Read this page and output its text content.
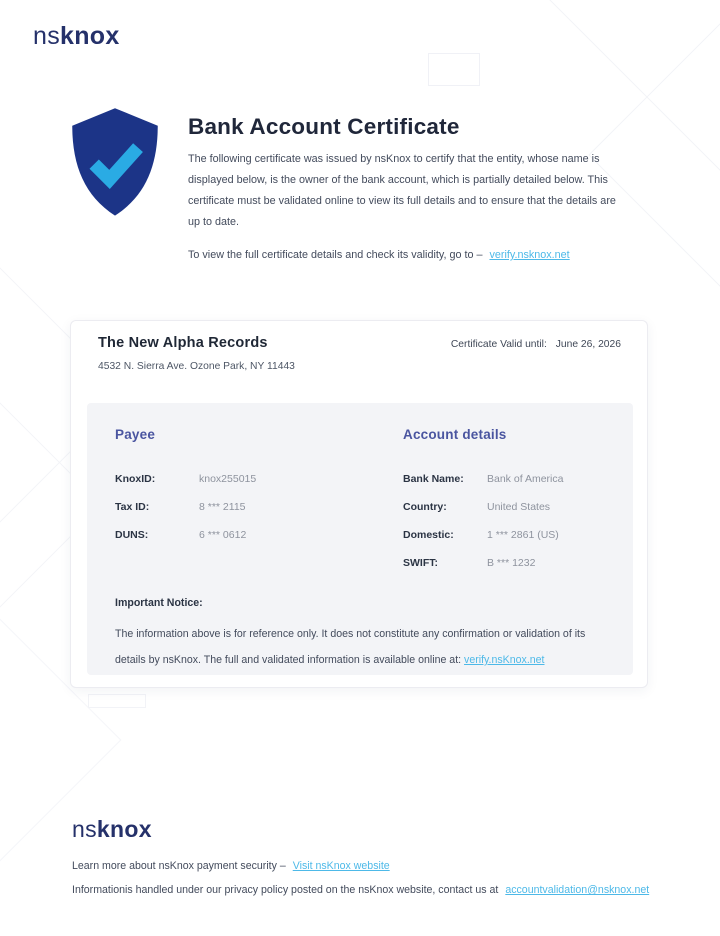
nsknox
Bank Account Certificate
The following certificate was issued by nsKnox to certify that the entity, whose name is displayed below, is the owner of the bank account, which is partially detailed below. This certificate must be validated online to view its full details and to ensure that the details are up to date.
To view the full certificate details and check its validity, go to – verify.nsknox.net
The New Alpha Records
4532 N. Sierra Ave. Ozone Park, NY 11443
Certificate Valid until: June 26, 2026
Payee
KnoxID:	knox255015
Tax ID:	8 *** 2115
DUNS:	6 *** 0612
Account details
Bank Name: Bank of America
Country:	United States
Domestic:	1 *** 2861 (US)
SWIFT:	B *** 1232
Important Notice:
The information above is for reference only. It does not constitute any confirmation or validation of its details by nsKnox. The full and validated information is available online at: verify.nsKnox.net
nsknox
Learn more about nsKnox payment security – Visit nsKnox website
Informationis handled under our privacy policy posted on the nsKnox website, contact us at accountvalidation@nsknox.net
